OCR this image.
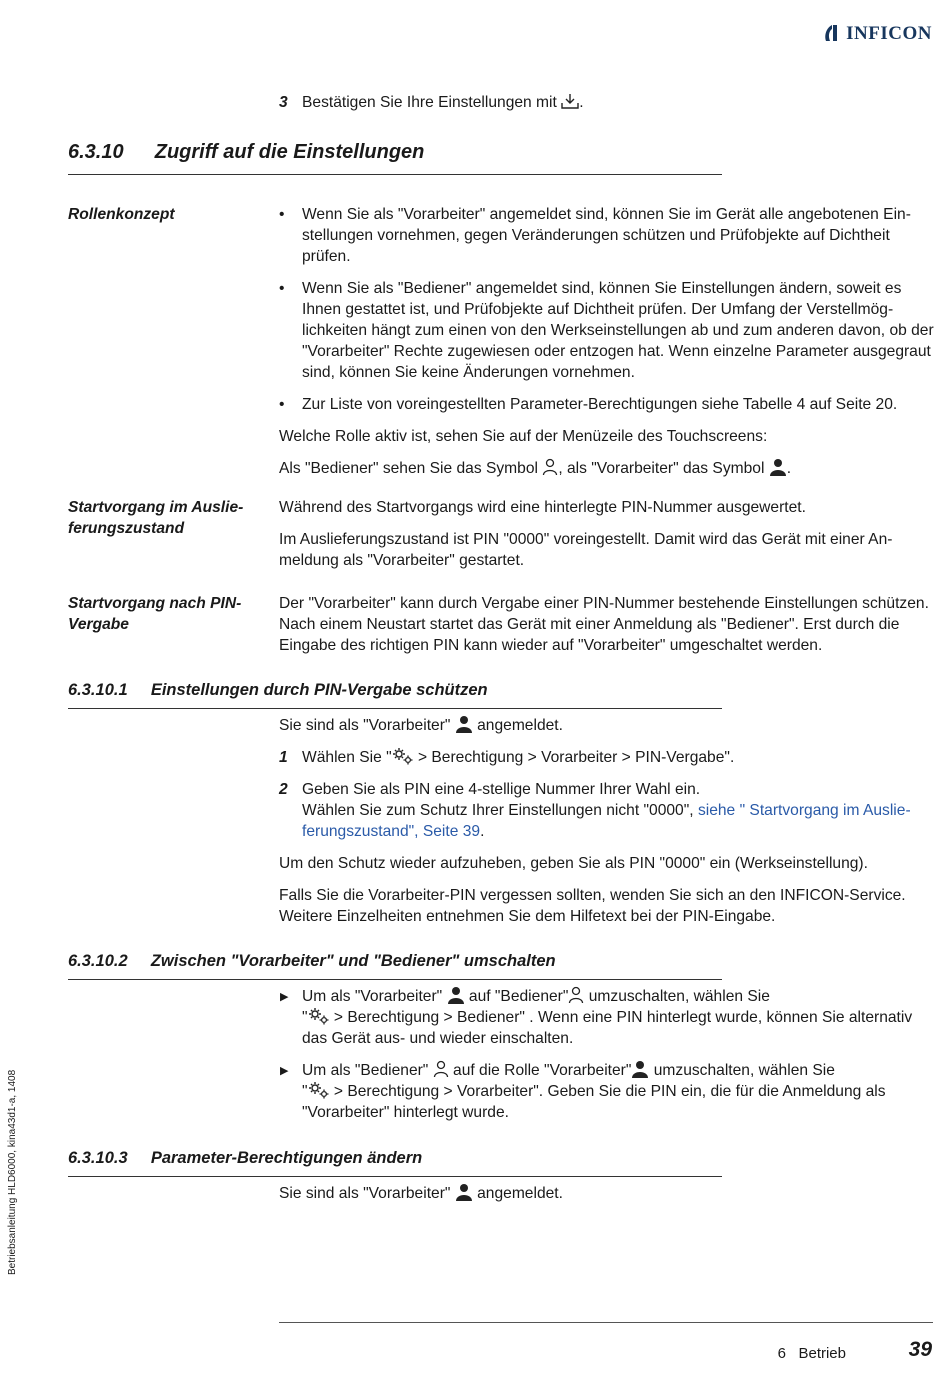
INFICON
3 Bestätigen Sie Ihre Einstellungen mit .
6.3.10 Zugriff auf die Einstellungen
Rollenkonzept
•	Wenn Sie als "Vorarbeiter" angemeldet sind, können Sie im Gerät alle angebotenen Ein-stellungen vornehmen, gegen Veränderungen schützen und Prüfobjekte auf Dichtheit prüfen.
• Wenn Sie als "Bediener" angemeldet sind, können Sie Einstellungen ändern, soweit es Ihnen gestattet ist, und Prüfobjekte auf Dichtheit prüfen. Der Umfang der Verstellmög-lichkeiten hängt zum einen von den Werkseinstellungen ab und zum anderen davon, ob der "Vorarbeiter" Rechte zugewiesen oder entzogen hat. Wenn einzelne Parameter ausgegraut sind, können Sie keine Änderungen vornehmen.
• Zur Liste von voreingestellten Parameter-Berechtigungen siehe Tabelle 4 auf Seite 20.
Welche Rolle aktiv ist, sehen Sie auf der Menüzeile des Touchscreens:
Als "Bediener" sehen Sie das Symbol , als "Vorarbeiter" das Symbol .
Startvorgang im Auslie-ferungszustand
Während des Startvorgangs wird eine hinterlegte PIN-Nummer ausgewertet.
Im Auslieferungszustand ist PIN "0000" voreingestellt. Damit wird das Gerät mit einer An-meldung als "Vorarbeiter" gestartet.
Startvorgang nach PIN-Vergabe
Der "Vorarbeiter" kann durch Vergabe einer PIN-Nummer bestehende Einstellungen schützen. Nach einem Neustart startet das Gerät mit einer Anmeldung als "Bediener". Erst durch die Eingabe des richtigen PIN kann wieder auf "Vorarbeiter" umgeschaltet werden.
6.3.10.1 Einstellungen durch PIN-Vergabe schützen
Sie sind als "Vorarbeiter" angemeldet.
1 Wählen Sie " > Berechtigung > Vorarbeiter > PIN-Vergabe".
2 Geben Sie als PIN eine 4-stellige Nummer Ihrer Wahl ein.
Wählen Sie zum Schutz Ihrer Einstellungen nicht "0000", siehe " Startvorgang im Auslie-ferungszustand", Seite 39.
Um den Schutz wieder aufzuheben, geben Sie als PIN "0000" ein (Werkseinstellung).
Falls Sie die Vorarbeiter-PIN vergessen sollten, wenden Sie sich an den INFICON-Service. Weitere Einzelheiten entnehmen Sie dem Hilfetext bei der PIN-Eingabe.
6.3.10.2 Zwischen "Vorarbeiter" und "Bediener" umschalten
▶ Um als "Vorarbeiter" auf "Bediener" umzuschalten, wählen Sie
" > Berechtigung > Bediener" . Wenn eine PIN hinterlegt wurde, können Sie alternativ das Gerät aus- und wieder einschalten.
▶ Um als "Bediener" auf die Rolle "Vorarbeiter" umzuschalten, wählen Sie
" > Berechtigung > Vorarbeiter". Geben Sie die PIN ein, die für die Anmeldung als "Vorarbeiter" hinterlegt wurde.
6.3.10.3 Parameter-Berechtigungen ändern
Sie sind als "Vorarbeiter" angemeldet.
Betriebsanleitung HLD6000, kina43d1-a, 1408
6   Betrieb	39
